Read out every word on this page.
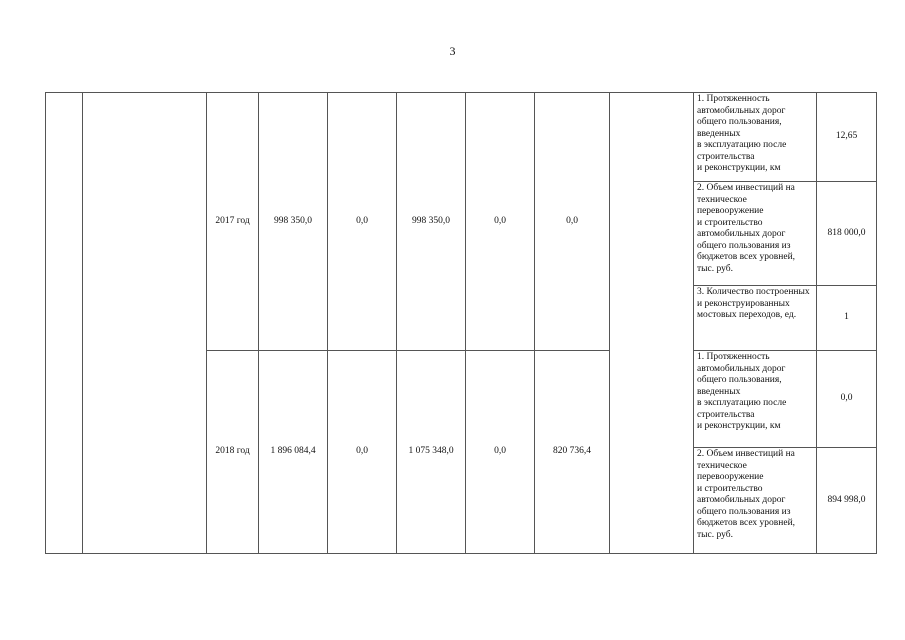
3
		2017 год	998 350,0	0,0	998 350,0	0,0	0,0		1. Протяженность автомобильных дорог общего пользования, введенных
в эксплуатацию после строительства
и реконструкции, км	12,65
									2. Объем инвестиций на техническое перевооружение
и строительство автомобильных дорог общего пользования из бюджетов всех уровней, тыс. руб.	818 000,0
									3. Количество построенных и реконструированных мостовых переходов, ед.	1
		2018 год	1 896 084,4	0,0	1 075 348,0	0,0	820 736,4		1. Протяженность автомобильных дорог общего пользования, введенных
в эксплуатацию после строительства
и реконструкции, км	0,0
									2. Объем инвестиций на техническое перевооружение
и строительство автомобильных дорог общего пользования из бюджетов всех уровней, тыс. руб.	894 998,0
